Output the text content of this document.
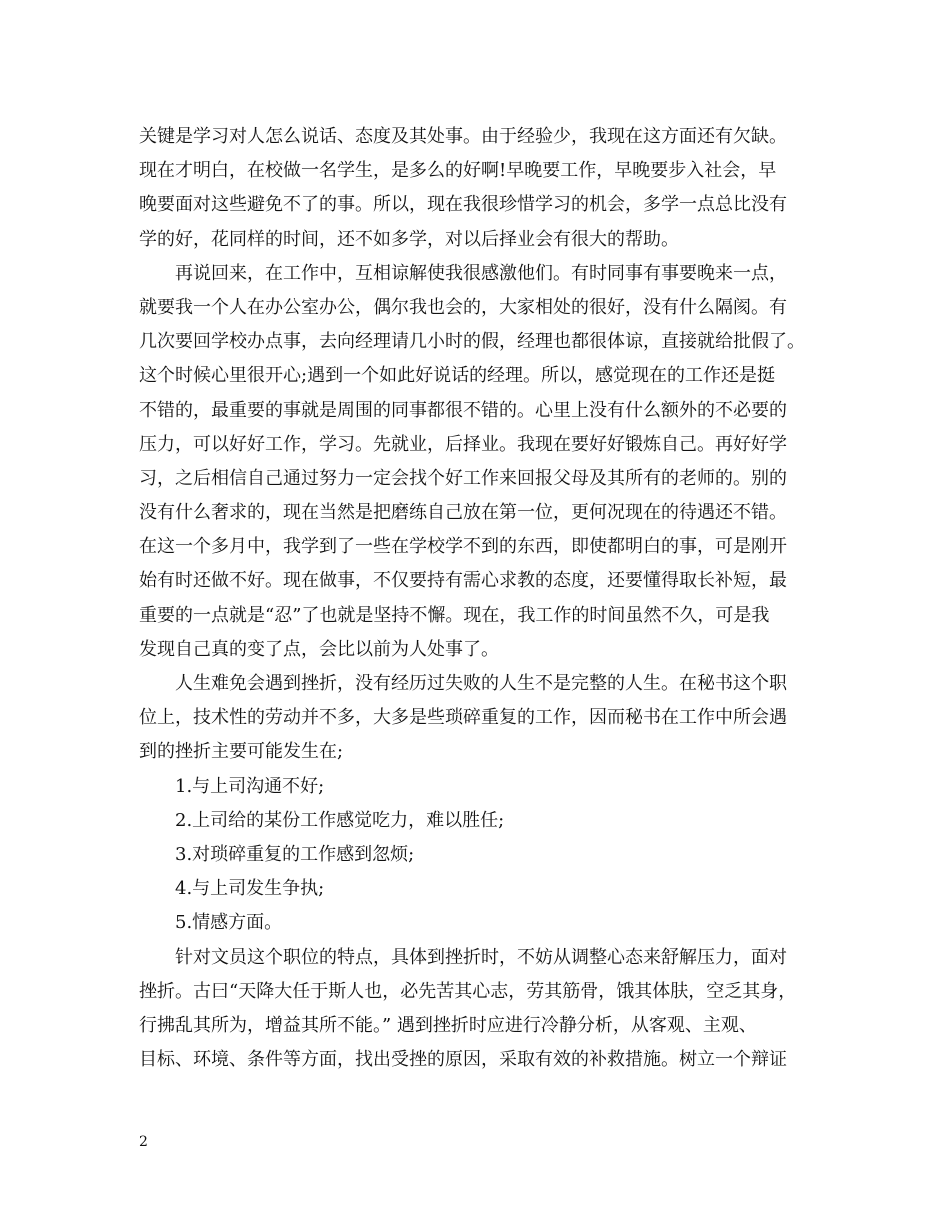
关键是学习对人怎么说话、态度及其处事。由于经验少，我现在这方面还有欠缺。
现在才明白，在校做一名学生，是多么的好啊!早晚要工作，早晚要步入社会，早
晚要面对这些避免不了的事。所以，现在我很珍惜学习的机会，多学一点总比没有
学的好，花同样的时间，还不如多学，对以后择业会有很大的帮助。
再说回来，在工作中，互相谅解使我很感激他们。有时同事有事要晚来一点，
就要我一个人在办公室办公，偶尔我也会的，大家相处的很好，没有什么隔阂。有
几次要回学校办点事，去向经理请几小时的假，经理也都很体谅，直接就给批假了。
这个时候心里很开心;遇到一个如此好说话的经理。所以，感觉现在的工作还是挺
不错的，最重要的事就是周围的同事都很不错的。心里上没有什么额外的不必要的
压力，可以好好工作，学习。先就业，后择业。我现在要好好锻炼自己。再好好学
习，之后相信自己通过努力一定会找个好工作来回报父母及其所有的老师的。别的
没有什么奢求的，现在当然是把磨练自己放在第一位，更何况现在的待遇还不错。
在这一个多月中，我学到了一些在学校学不到的东西，即使都明白的事，可是刚开
始有时还做不好。现在做事，不仅要持有需心求教的态度，还要懂得取长补短，最
重要的一点就是“忍”了也就是坚持不懈。现在，我工作的时间虽然不久，可是我
发现自己真的变了点，会比以前为人处事了。
人生难免会遇到挫折，没有经历过失败的人生不是完整的人生。在秘书这个职
位上，技术性的劳动并不多，大多是些琐碎重复的工作，因而秘书在工作中所会遇
到的挫折主要可能发生在;
1.与上司沟通不好;
2.上司给的某份工作感觉吃力，难以胜任;
3.对琐碎重复的工作感到忽烦;
4.与上司发生争执;
5.情感方面。
针对文员这个职位的特点，具体到挫折时，不妨从调整心态来舒解压力，面对
挫折。古曰“天降大任于斯人也，必先苦其心志，劳其筋骨，饿其体肤，空乏其身，
行拂乱其所为，增益其所不能。” 遇到挫折时应进行冷静分析，从客观、主观、
目标、环境、条件等方面，找出受挫的原因，采取有效的补救措施。树立一个辩证
2
